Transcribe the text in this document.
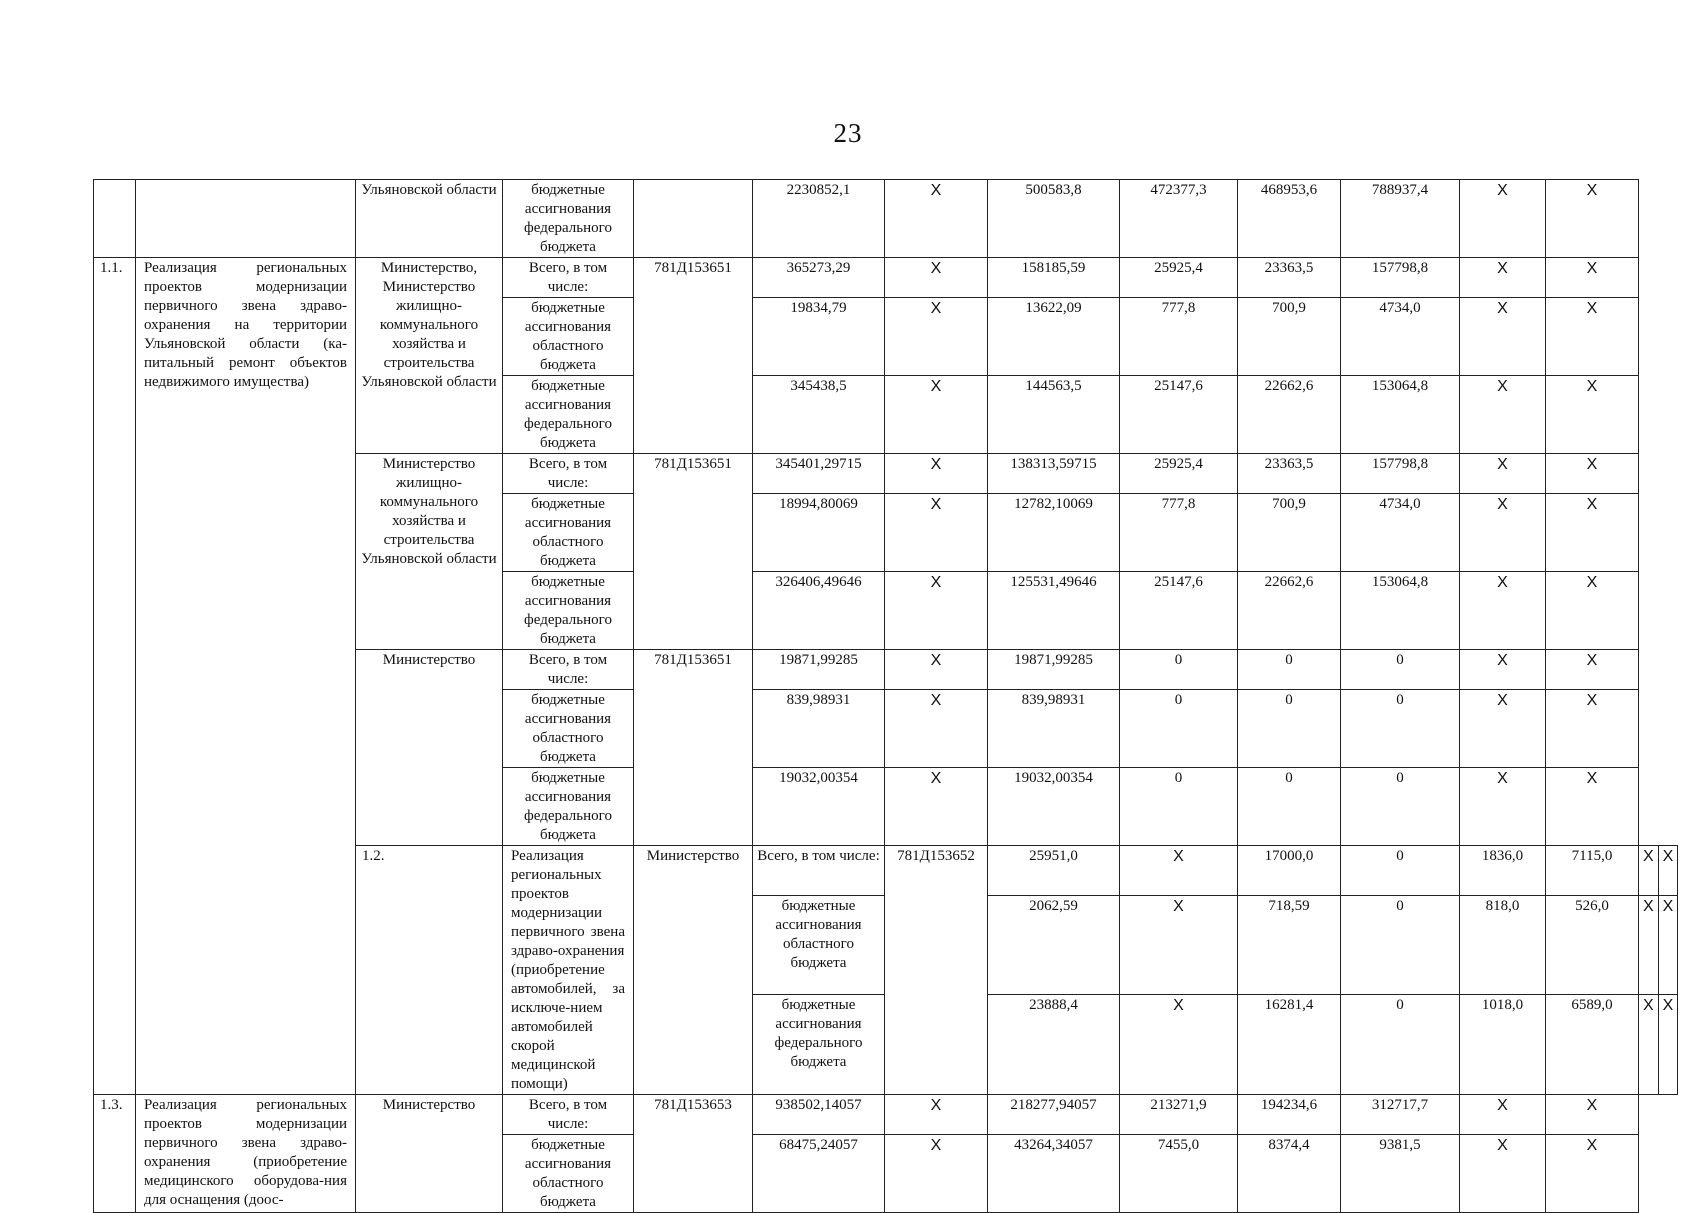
23
		Ульяновской области	бюджетные ассигнования федерального бюджета		2230852,1	X	500583,8	472377,3	468953,6	788937,4	X	X		
1.1.	Реализация региональных проектов модернизации первичного звена здраво-охранения на территории Ульяновской области (ка-питальный ремонт объектов недвижимого имущества)	Министерство, Министерство жилищно-коммунального хозяйства и строительства Ульяновской области	Всего, в том числе:	781Д153651	365273,29	X	158185,59	25925,4	23363,5	157798,8	X	X		
			бюджетные ассигнования областного бюджета		19834,79	X	13622,09	777,8	700,9	4734,0	X	X		
			бюджетные ассигнования федерального бюджета		345438,5	X	144563,5	25147,6	22662,6	153064,8	X	X		
		Министерство жилищно-коммунального хозяйства и строительства Ульяновской области	Всего, в том числе:	781Д153651	345401,29715	X	138313,59715	25925,4	23363,5	157798,8	X	X		
			бюджетные ассигнования областного бюджета		18994,80069	X	12782,10069	777,8	700,9	4734,0	X	X		
			бюджетные ассигнования федерального бюджета		326406,49646	X	125531,49646	25147,6	22662,6	153064,8	X	X		
		Министерство	Всего, в том числе:	781Д153651	19871,99285	X	19871,99285	0	0	0	X	X		
			бюджетные ассигнования областного бюджета		839,98931	X	839,98931	0	0	0	X	X		
			бюджетные ассигнования федерального бюджета		19032,00354	X	19032,00354	0	0	0	X	X		
		1.2.	Реализация региональных проектов модернизации первичного звена здраво-охранения (приобретение автомобилей, за исключе-нием автомобилей скорой медицинской помощи)	Министерство	Всего, в том числе:	781Д153652	25951,0	X	17000,0	0	1836,0	7115,0	X	X
					бюджетные ассигнования областного бюджета		2062,59	X	718,59	0	818,0	526,0	X	X
					бюджетные ассигнования федерального бюджета		23888,4	X	16281,4	0	1018,0	6589,0	X	X
1.3.	Реализация региональных проектов модернизации первичного звена здраво-охранения (приобретение медицинского оборудова-ния для оснащения (доос-	Министерство	Всего, в том числе:	781Д153653	938502,14057	X	218277,94057	213271,9	194234,6	312717,7	X	X		
			бюджетные ассигнования областного бюджета		68475,24057	X	43264,34057	7455,0	8374,4	9381,5	X	X		
